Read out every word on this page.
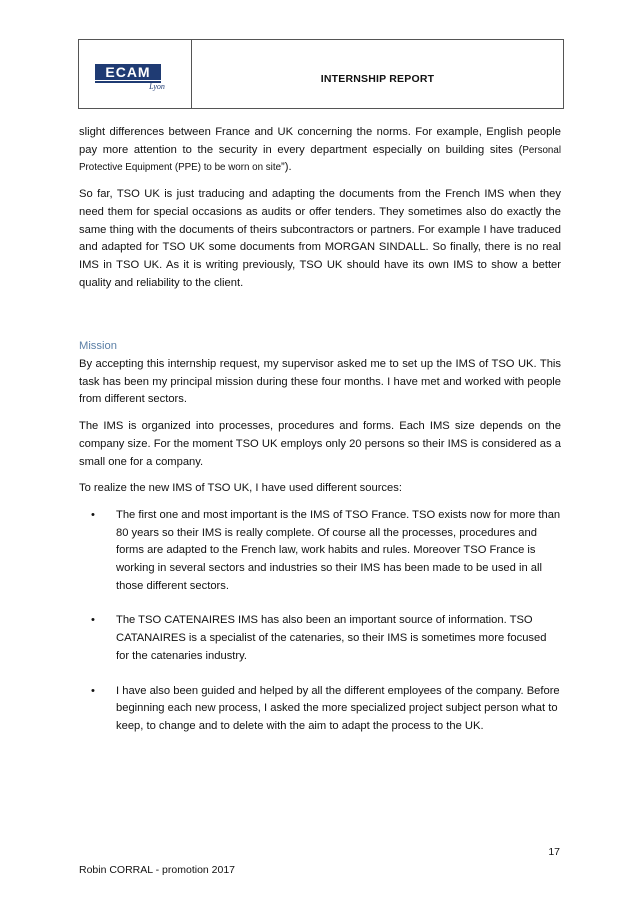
ECAM
Lyon
INTERNSHIP REPORT

slight differences between France and UK concerning the norms. For example, English people pay more attention to the security in every department especially on building sites (Personal Protective Equipment (PPE) to be worn on site”).

So far, TSO UK is just traducing and adapting the documents from the French IMS when they need them for special occasions as audits or offer tenders. They sometimes also do exactly the same thing with the documents of theirs subcontractors or partners. For example I have traduced and adapted for TSO UK some documents from MORGAN SINDALL. So finally, there is no real IMS in TSO UK. As it is writing previously, TSO UK should have its own IMS to show a better quality and reliability to the client.

Mission

By accepting this internship request, my supervisor asked me to set up the IMS of TSO UK. This task has been my principal mission during these four months. I have met and worked with people from different sectors.

The IMS is organized into processes, procedures and forms. Each IMS size depends on the company size. For the moment TSO UK employs only 20 persons so their IMS is considered as a small one for a company.

To realize the new IMS of TSO UK, I have used different sources:

• The first one and most important is the IMS of TSO France. TSO exists now for more than 80 years so their IMS is really complete. Of course all the processes, procedures and forms are adapted to the French law, work habits and rules. Moreover TSO France is working in several sectors and industries so their IMS has been made to be used in all those different sectors.
• The TSO CATENAIRES IMS has also been an important source of information. TSO CATANAIRES is a specialist of the catenaries, so their IMS is sometimes more focused for the catenaries industry.
• I have also been guided and helped by all the different employees of the company. Before beginning each new process, I asked the more specialized project subject person what to keep, to change and to delete with the aim to adapt the process to the UK.
17
Robin CORRAL - promotion 2017
